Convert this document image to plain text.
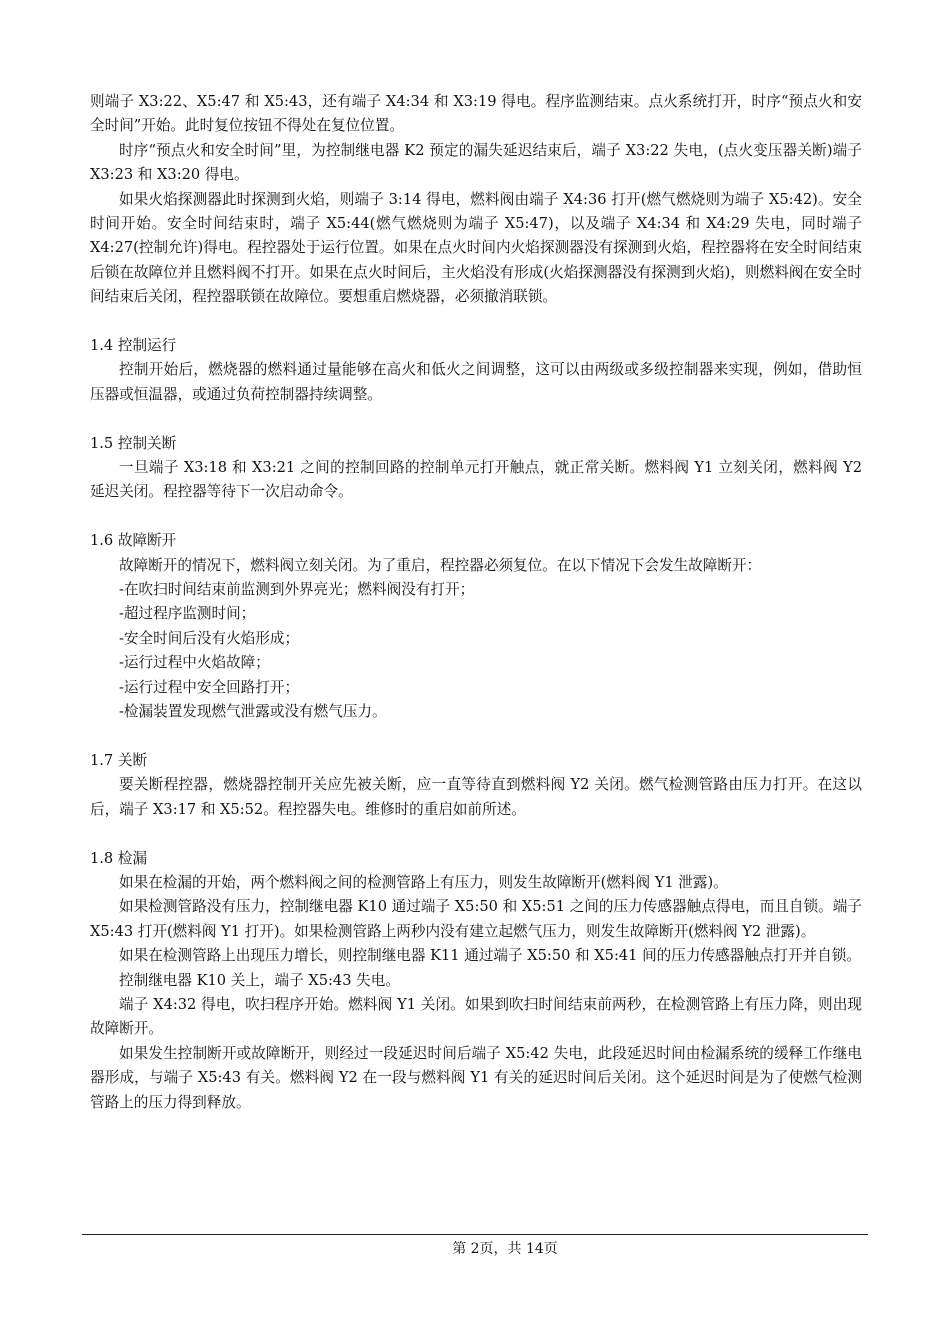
则端子 X3:22、X5:47 和 X5:43，还有端子 X4:34 和 X3:19 得电。程序监测结束。点火系统打开，时序“预点火和安全时间”开始。此时复位按钮不得处在复位位置。

时序“预点火和安全时间”里，为控制继电器 K2 预定的漏失延迟结束后，端子 X3:22 失电，(点火变压器关断)端子 X3:23 和 X3:20 得电。

如果火焰探测器此时探测到火焰，则端子 3:14 得电，燃料阀由端子 X4:36 打开(燃气燃烧则为端子 X5:42)。安全时间开始。安全时间结束时，端子 X5:44(燃气燃烧则为端子 X5:47)，以及端子 X4:34 和 X4:29 失电，同时端子 X4:27(控制允许)得电。程控器处于运行位置。如果在点火时间内火焰探测器没有探测到火焰，程控器将在安全时间结束后锁在故障位并且燃料阀不打开。如果在点火时间后，主火焰没有形成(火焰探测器没有探测到火焰)，则燃料阀在安全时间结束后关闭，程控器联锁在故障位。要想重启燃烧器，必须撤消联锁。

1.4 控制运行

控制开始后，燃烧器的燃料通过量能够在高火和低火之间调整，这可以由两级或多级控制器来实现，例如，借助恒压器或恒温器，或通过负荷控制器持续调整。

1.5 控制关断

一旦端子 X3:18 和 X3:21 之间的控制回路的控制单元打开触点，就正常关断。燃料阀 Y1 立刻关闭，燃料阀 Y2 延迟关闭。程控器等待下一次启动命令。

1.6 故障断开

故障断开的情况下，燃料阀立刻关闭。为了重启，程控器必须复位。在以下情况下会发生故障断开：

-在吹扫时间结束前监测到外界亮光；燃料阀没有打开；

-超过程序监测时间；

-安全时间后没有火焰形成；

-运行过程中火焰故障；

-运行过程中安全回路打开；

-检漏装置发现燃气泄露或没有燃气压力。

1.7 关断

要关断程控器，燃烧器控制开关应先被关断，应一直等待直到燃料阀 Y2 关闭。燃气检测管路由压力打开。在这以后，端子 X3:17 和 X5:52。程控器失电。维修时的重启如前所述。

1.8 检漏

如果在检漏的开始，两个燃料阀之间的检测管路上有压力，则发生故障断开(燃料阀 Y1 泄露)。

如果检测管路没有压力，控制继电器 K10 通过端子 X5:50 和 X5:51 之间的压力传感器触点得电，而且自锁。端子 X5:43 打开(燃料阀 Y1 打开)。如果检测管路上两秒内没有建立起燃气压力，则发生故障断开(燃料阀 Y2 泄露)。

如果在检测管路上出现压力增长，则控制继电器 K11 通过端子 X5:50 和 X5:41 间的压力传感器触点打开并自锁。

控制继电器 K10 关上，端子 X5:43 失电。

端子 X4:32 得电，吹扫程序开始。燃料阀 Y1 关闭。如果到吹扫时间结束前两秒，在检测管路上有压力降，则出现故障断开。

如果发生控制断开或故障断开，则经过一段延迟时间后端子 X5:42 失电，此段延迟时间由检漏系统的缓释工作继电器形成，与端子 X5:43 有关。燃料阀 Y2 在一段与燃料阀 Y1 有关的延迟时间后关闭。这个延迟时间是为了使燃气检测管路上的压力得到释放。

第 2页，共 14页
